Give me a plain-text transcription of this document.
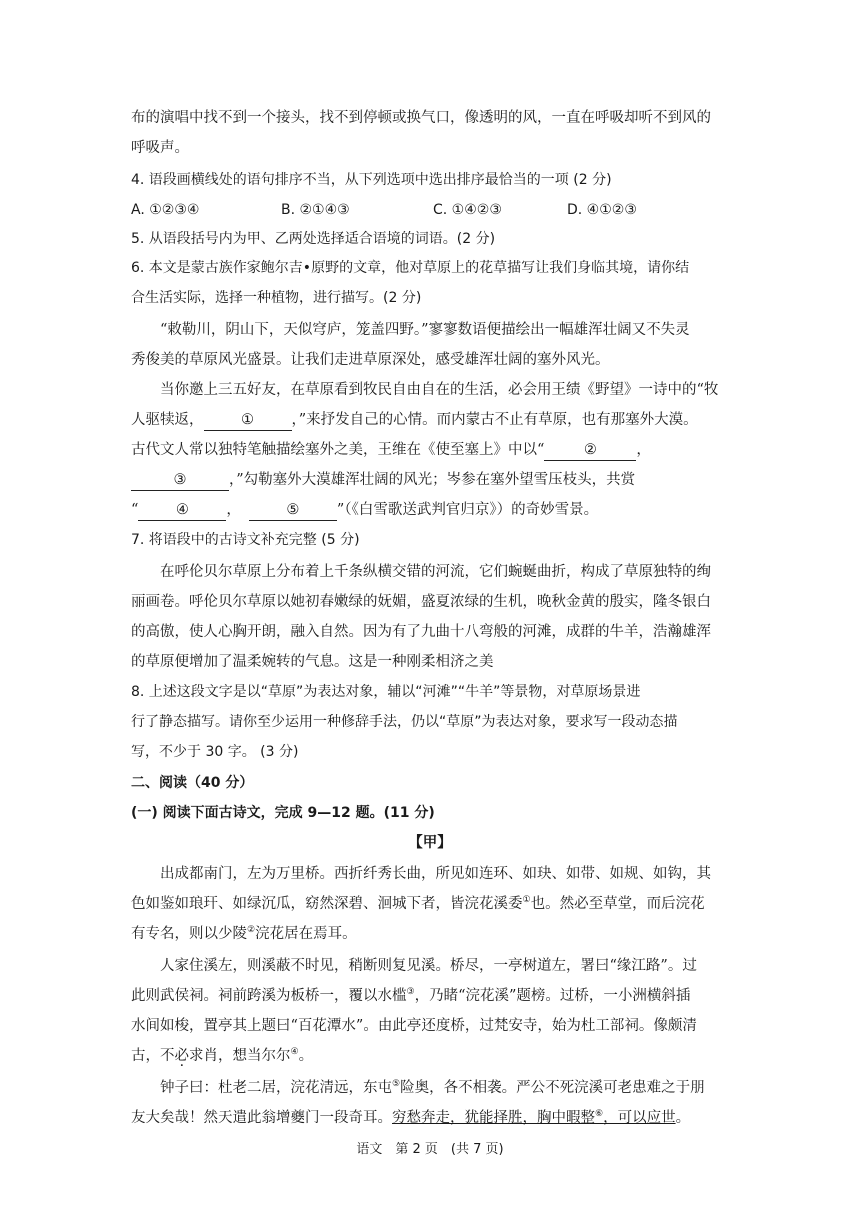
布的演唱中找不到一个接头，找不到停顿或换气口，像透明的风，一直在呼吸却听不到风的
呼吸声。
4. 语段画横线处的语句排序不当，从下列选项中选出排序最恰当的一项 (2 分)
A. ①②③④	B. ②①④③	C. ①④②③	D. ④①②③
5. 从语段括号内为甲、乙两处选择适合语境的词语。(2 分)
6. 本文是蒙古族作家鲍尔吉•原野的文章，他对草原上的花草描写让我们身临其境，请你结
合生活实际，选择一种植物，进行描写。(2 分)
“敕勒川，阴山下，天似穹庐，笼盖四野。”寥寥数语便描绘出一幅雄浑壮阔又不失灵
秀俊美的草原风光盛景。让我们走进草原深处，感受雄浑壮阔的塞外风光。
当你邀上三五好友，在草原看到牧民自由自在的生活，必会用王绩《野望》一诗中的“牧
人驱犊返，	①	，”来抒发自己的心情。而内蒙古不止有草原，也有那塞外大漠。
古代文人常以独特笔触描绘塞外之美，王维在《使至塞上》中以“	②	，
③	，”勾勒塞外大漠雄浑壮阔的风光；岑参在塞外望雪压枝头，共赏
“	④	，	⑤	”（《白雪歌送武判官归京》）的奇妙雪景。
7. 将语段中的古诗文补充完整 (5 分)
在呼伦贝尔草原上分布着上千条纵横交错的河流，它们蜿蜒曲折，构成了草原独特的绚
丽画卷。呼伦贝尔草原以她初春嫩绿的妩媚，盛夏浓绿的生机，晚秋金黄的殷实，隆冬银白
的高傲，使人心胸开朗，融入自然。因为有了九曲十八弯般的河滩，成群的牛羊，浩瀚雄浑
的草原便增加了温柔婉转的气息。这是一种刚柔相济之美
8. 上述这段文字是以“草原”为表达对象，辅以“河滩”“牛羊”等景物，对草原场景进
行了静态描写。请你至少运用一种修辞手法，仍以“草原”为表达对象，要求写一段动态描
写，不少于 30 字。 (3 分)
二、阅读（40 分）
(一) 阅读下面古诗文，完成 9—12 题。(11 分)
【甲】
出成都南门，左为万里桥。西折纤秀长曲，所见如连环、如玦、如带、如规、如钩，其
色如鉴如琅玕、如绿沉瓜，窈然深碧、洄城下者，皆浣花溪委①也。然必至草堂，而后浣花
有专名，则以少陵②浣花居在焉耳。
人家住溪左，则溪蔽不时见，稍断则复见溪。桥尽，一亭树道左，署曰“缘江路”。过
此则武侯祠。祠前跨溪为板桥一，覆以水槛③，乃睹“浣花溪”题榜。过桥，一小洲横斜插
水间如梭，置亭其上题曰“百花潭水”。由此亭还度桥，过梵安寺，始为杜工部祠。像颇清
古，不必求肖，想当尔尔④。
钟子曰：杜老二居，浣花清远，东屯⑤险奥，各不相袭。严公不死浣溪可老患难之于朋
友大矣哉！然天遣此翁增夔门一段奇耳。穷愁奔走，犹能择胜，胸中暇整⑥，可以应世。
语文　第 2 页　(共 7 页)
